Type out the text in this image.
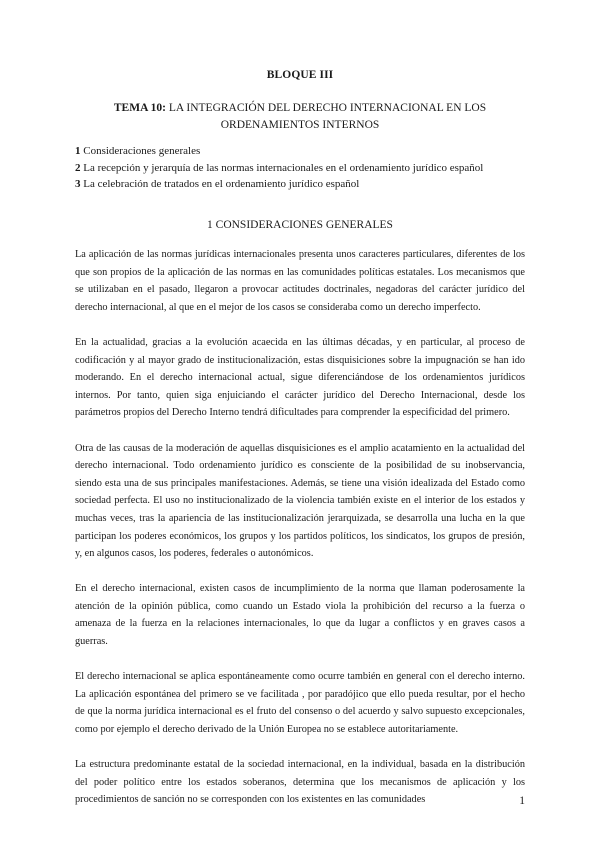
BLOQUE III
TEMA 10: LA INTEGRACIÓN DEL DERECHO INTERNACIONAL EN LOS ORDENAMIENTOS INTERNOS
1 Consideraciones generales
2 La recepción y jerarquía de las normas internacionales en el ordenamiento jurídico español
3 La celebración de tratados en el ordenamiento jurídico español
1 CONSIDERACIONES GENERALES

La aplicación de las normas jurídicas internacionales presenta unos caracteres particulares, diferentes de los que son propios de la aplicación de las normas en las comunidades políticas estatales. Los mecanismos que se utilizaban en el pasado, llegaron a provocar actitudes doctrinales, negadoras del carácter jurídico del derecho internacional, al que en el mejor de los casos se consideraba como un derecho imperfecto.

En la actualidad, gracias a la evolución acaecida en las últimas décadas, y en particular, al proceso de codificación y al mayor grado de institucionalización, estas disquisiciones sobre la impugnación se han ido moderando. En el derecho internacional actual, sigue diferenciándose de los ordenamientos jurídicos internos. Por tanto, quien siga enjuiciando el carácter jurídico del Derecho Internacional, desde los parámetros propios del Derecho Interno tendrá dificultades para comprender la especificidad del primero.

Otra de las causas de la moderación de aquellas disquisiciones es el amplio acatamiento en la actualidad del derecho internacional. Todo ordenamiento jurídico es consciente de la posibilidad de su inobservancia, siendo esta una de sus principales manifestaciones. Además, se tiene una visión idealizada del Estado como sociedad perfecta. El uso no institucionalizado de la violencia también existe en el interior de los estados y muchas veces, tras la apariencia de las institucionalización jerarquizada, se desarrolla una lucha en la que participan los poderes económicos, los grupos y los partidos políticos, los sindicatos, los grupos de presión, y, en algunos casos, los poderes, federales o autonómicos.

En el derecho internacional, existen casos de incumplimiento de la norma que llaman poderosamente la atención de la opinión pública, como cuando un Estado viola la prohibición del recurso a la fuerza o amenaza de la fuerza en la relaciones internacionales, lo que da lugar a conflictos y en graves casos a guerras.

El derecho internacional se aplica espontáneamente como ocurre también en general con el derecho interno. La aplicación espontánea del primero se ve facilitada , por paradójico que ello pueda resultar, por el hecho de que la norma jurídica internacional es el fruto del consenso o del acuerdo y salvo supuesto excepcionales, como por ejemplo el derecho derivado de la Unión Europea no se establece autoritariamente.

La estructura predominante estatal de la sociedad internacional, en la individual, basada en la distribución del poder político entre los estados soberanos, determina que los mecanismos de aplicación y los procedimientos de sanción no se corresponden con los existentes en las comunidades	1
